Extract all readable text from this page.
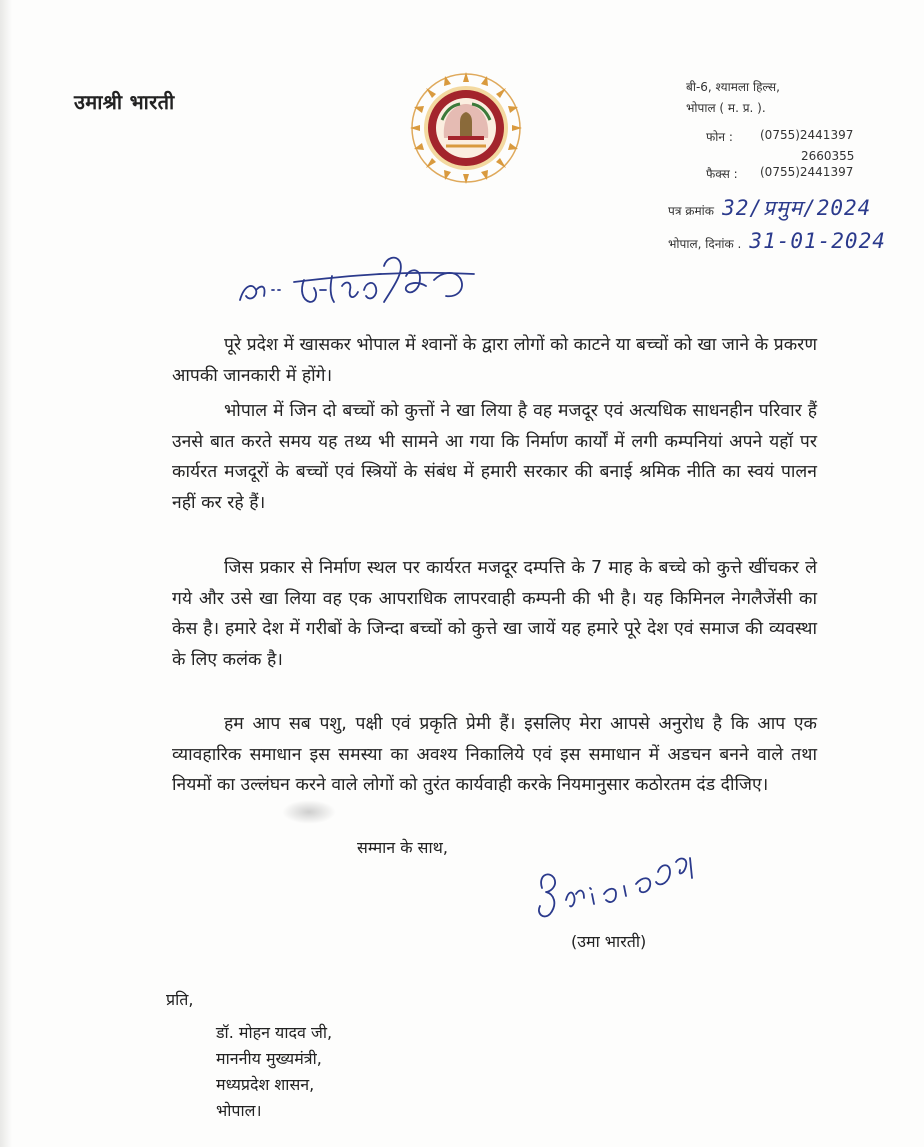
उमाश्री भारती
बी-6, श्यामला हिल्स,
भोपाल ( म. प्र. ).
फोन : (0755)2441397
2660355
फैक्स : (0755)2441397
पत्र क्रमांक 32/प्रमुम/2024
भोपाल, दिनांक . 31-01-2024

पूरे प्रदेश में खासकर भोपाल में श्वानों के द्वारा लोगों को काटने या बच्चों को खा जाने के प्रकरण आपकी जानकारी में होंगे।

भोपाल में जिन दो बच्चों को कुत्तों ने खा लिया है वह मजदूर एवं अत्यधिक साधनहीन परिवार हैं उनसे बात करते समय यह तथ्य भी सामने आ गया कि निर्माण कार्यों में लगी कम्पनियां अपने यहॉ पर कार्यरत मजदूरों के बच्चों एवं स्त्रियों के संबंध में हमारी सरकार की बनाई श्रमिक नीति का स्वयं पालन नहीं कर रहे हैं।

जिस प्रकार से निर्माण स्थल पर कार्यरत मजदूर दम्पत्ति के 7 माह के बच्चे को कुत्ते खींचकर ले गये और उसे खा लिया वह एक आपराधिक लापरवाही कम्पनी की भी है। यह किमिनल नेगलैजेंसी का केस है। हमारे देश में गरीबों के जिन्दा बच्चों को कुत्ते खा जायें यह हमारे पूरे देश एवं समाज की व्यवस्था के लिए कलंक है।

हम आप सब पशु, पक्षी एवं प्रकृति प्रेमी हैं। इसलिए मेरा आपसे अनुरोध है कि आप एक व्यावहारिक समाधान इस समस्या का अवश्य निकालिये एवं इस समाधान में अडचन बनने वाले तथा नियमों का उल्लंघन करने वाले लोगों को तुरंत कार्यवाही करके नियमानुसार कठोरतम दंड दीजिए।

सम्मान के साथ,
(उमा भारती)
प्रति,
डॉ. मोहन यादव जी,
माननीय मुख्यमंत्री,
मध्यप्रदेश शासन,
भोपाल।
